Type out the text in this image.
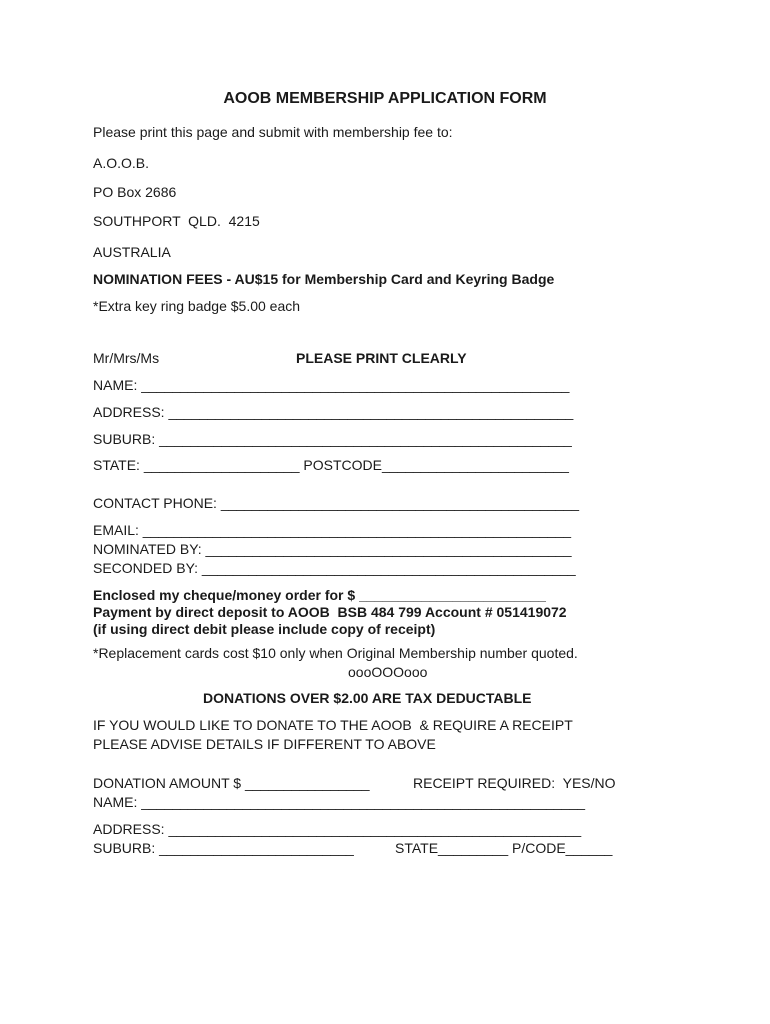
AOOB MEMBERSHIP APPLICATION FORM
Please print this page and submit with membership fee to:
A.O.O.B.
PO Box 2686
SOUTHPORT  QLD.  4215
AUSTRALIA
NOMINATION FEES - AU$15 for Membership Card and Keyring Badge
*Extra key ring badge $5.00 each
Mr/Mrs/Ms	PLEASE PRINT CLEARLY
NAME: _______________________________________________________
ADDRESS: ____________________________________________________
SUBURB: _____________________________________________________
STATE: ____________________ POSTCODE________________________
CONTACT PHONE: ______________________________________________
EMAIL: _______________________________________________________
NOMINATED BY: _______________________________________________
SECONDED BY: ________________________________________________
Enclosed my cheque/money order for $ ________________________
Payment by direct deposit to AOOB  BSB 484 799 Account # 051419072
(if using direct debit please include copy of receipt)
*Replacement cards cost $10 only when Original Membership number quoted.
oooOOOooo
DONATIONS OVER $2.00 ARE TAX DEDUCTABLE
IF YOU WOULD LIKE TO DONATE TO THE AOOB  & REQUIRE A RECEIPT
PLEASE ADVISE DETAILS IF DIFFERENT TO ABOVE
DONATION AMOUNT $ ________________	RECEIPT REQUIRED:  YES/NO
NAME: _________________________________________________________
ADDRESS: _____________________________________________________
SUBURB: _________________________	STATE_________ P/CODE______
